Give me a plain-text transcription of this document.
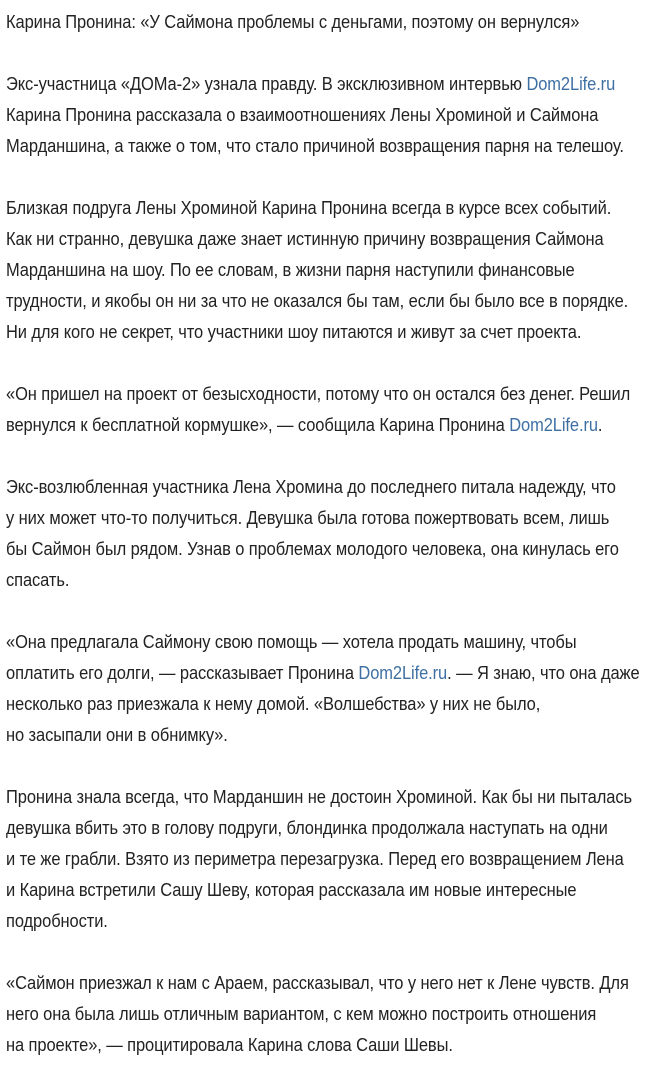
Карина Пронина: «У Саймона проблемы с деньгами, поэтому он вернулся»

Экс-участница «ДОМа-2» узнала правду. В эксклюзивном интервью Dom2Life.ru
Карина Пронина рассказала о взаимоотношениях Лены Хроминой и Саймона
Марданшина, а также о том, что стало причиной возвращения парня на телешоу.

Близкая подруга Лены Хроминой Карина Пронина всегда в курсе всех событий.
Как ни странно, девушка даже знает истинную причину возвращения Саймона
Марданшина на шоу. По ее словам, в жизни парня наступили финансовые
трудности, и якобы он ни за что не оказался бы там, если бы было все в порядке.
Ни для кого не секрет, что участники шоу питаются и живут за счет проекта.

«Он пришел на проект от безысходности, потому что он остался без денег. Решил
вернулся к бесплатной кормушке», — сообщила Карина Пронина Dom2Life.ru.

Экс-возлюбленная участника Лена Хромина до последнего питала надежду, что
у них может что-то получиться. Девушка была готова пожертвовать всем, лишь
бы Саймон был рядом. Узнав о проблемах молодого человека, она кинулась его
спасать.

«Она предлагала Саймону свою помощь — хотела продать машину, чтобы
оплатить его долги, — рассказывает Пронина Dom2Life.ru. — Я знаю, что она даже
несколько раз приезжала к нему домой. «Волшебства» у них не было,
но засыпали они в обнимку».

Пронина знала всегда, что Марданшин не достоин Хроминой. Как бы ни пыталась
девушка вбить это в голову подруги, блондинка продолжала наступать на одни
и те же грабли. Взято из периметра перезагрузка. Перед его возвращением Лена
и Карина встретили Сашу Шеву, которая рассказала им новые интересные
подробности.

«Саймон приезжал к нам с Араем, рассказывал, что у него нет к Лене чувств. Для
него она была лишь отличным вариантом, с кем можно построить отношения
на проекте», — процитировала Карина слова Саши Шевы.
